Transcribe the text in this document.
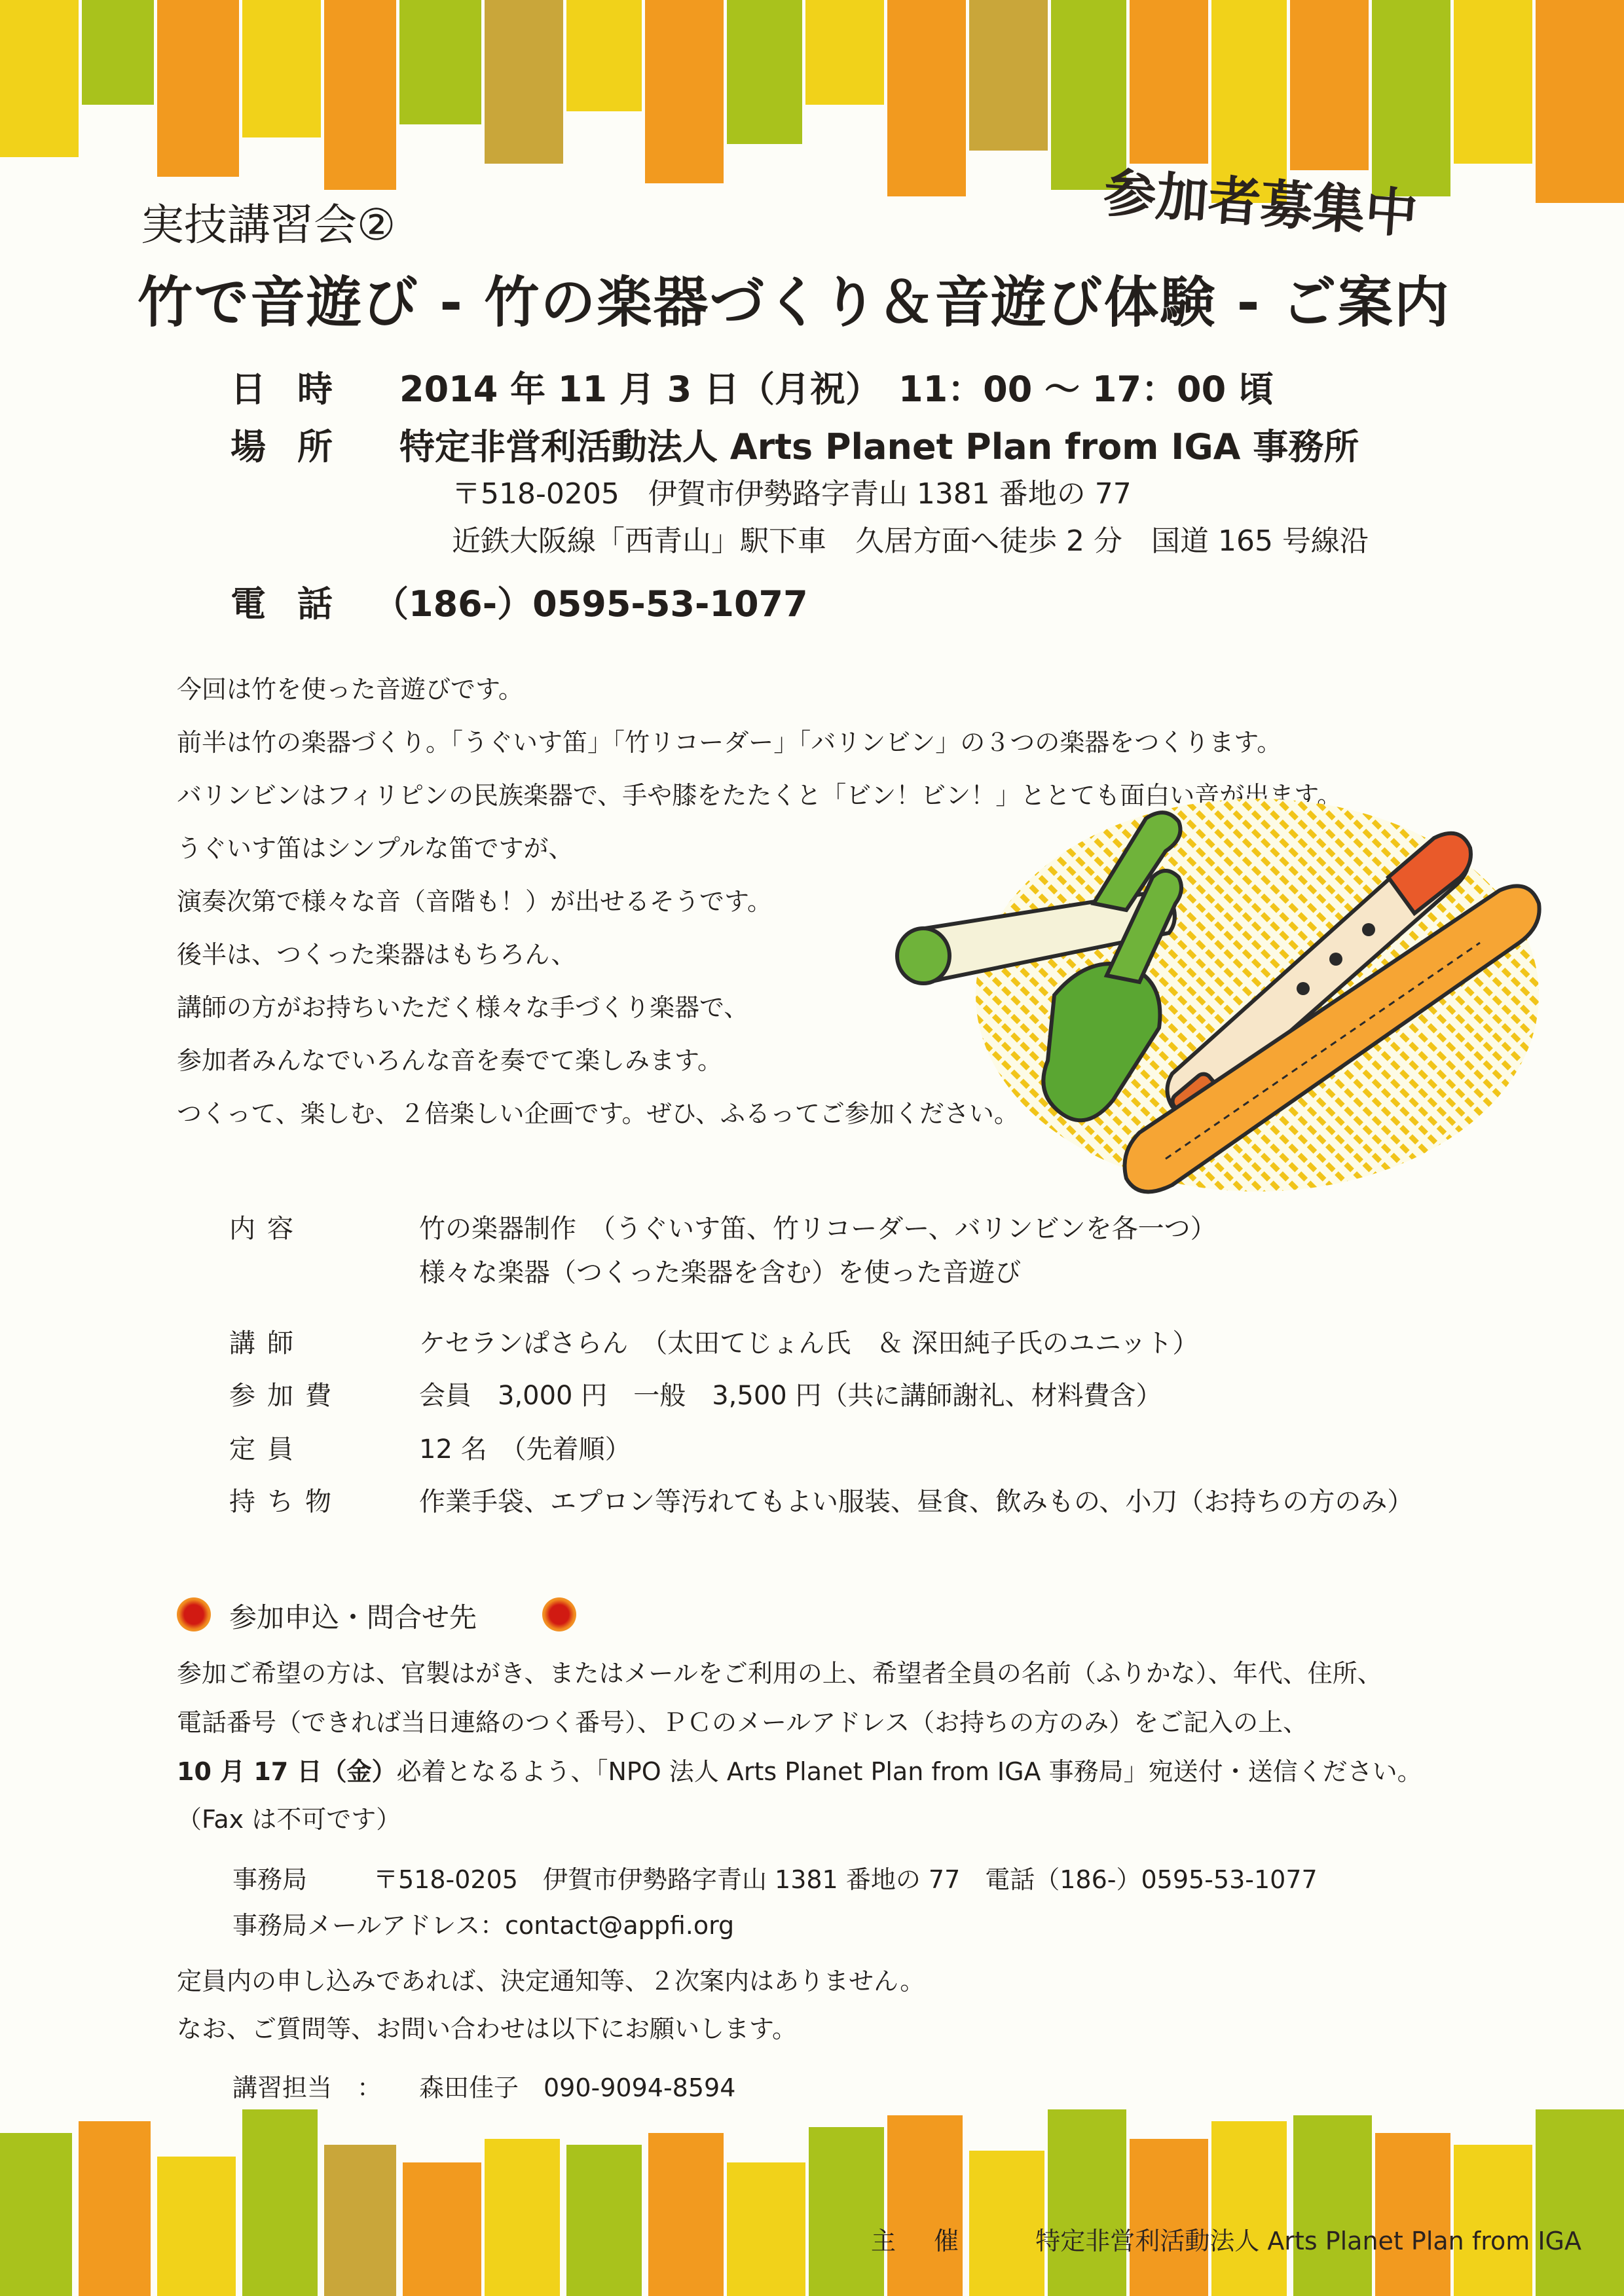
参加者募集中
実技講習会②
竹で音遊び - 竹の楽器づくり＆音遊び体験 - ご案内
日時 2014 年 11 月 3 日（月祝）　11：00 ～ 17：00 頃
場所 特定非営利活動法人 Arts Planet Plan from IGA 事務所
〒518-0205　伊賀市伊勢路字青山 1381 番地の 77
近鉄大阪線「西青山」駅下車　久居方面へ徒歩 2 分　国道 165 号線沿
電話 （186-）0595-53-1077
今回は竹を使った音遊びです。
前半は竹の楽器づくり。「うぐいす笛」「竹リコーダー」「バリンビン」の３つの楽器をつくります。
バリンビンはフィリピンの民族楽器で、手や膝をたたくと「ビン！ビン！」ととても面白い音が出ます。
うぐいす笛はシンプルな笛ですが、
演奏次第で様々な音（音階も！）が出せるそうです。
後半は、つくった楽器はもちろん、
講師の方がお持ちいただく様々な手づくり楽器で、
参加者みんなでいろんな音を奏でて楽しみます。
つくって、楽しむ、２倍楽しい企画です。ぜひ、ふるってご参加ください。
内容	竹の楽器制作　（うぐいす笛、竹リコーダー、バリンビンを各一つ）
様々な楽器（つくった楽器を含む）を使った音遊び
講師	ケセランぱさらん　（太田てじょん氏　＆ 深田純子氏のユニット）
参加費	会員　3,000 円　一般　3,500 円（共に講師謝礼、材料費含）
定員	12 名　（先着順）
持ち物	作業手袋、エプロン等汚れてもよい服装、昼食、飲みもの、小刀（お持ちの方のみ）
参加申込・問合せ先
参加ご希望の方は、官製はがき、またはメールをご利用の上、希望者全員の名前（ふりかな）、年代、住所、
電話番号（できれば当日連絡のつく番号）、ＰＣのメールアドレス（お持ちの方のみ）をご記入の上、
10 月 17 日（金）必着となるよう、「NPO 法人 Arts Planet Plan from IGA 事務局」宛送付・送信ください。
（Fax は不可です）
事務局	〒518-0205　伊賀市伊勢路字青山 1381 番地の 77　電話（186-）0595-53-1077
事務局メールアドレス：contact@appfi.org
定員内の申し込みであれば、決定通知等、２次案内はありません。
なお、ご質問等、お問い合わせは以下にお願いします。
講習担当　： 森田佳子　090-9094-8594
主催 特定非営利活動法人 Arts Planet Plan from IGA
